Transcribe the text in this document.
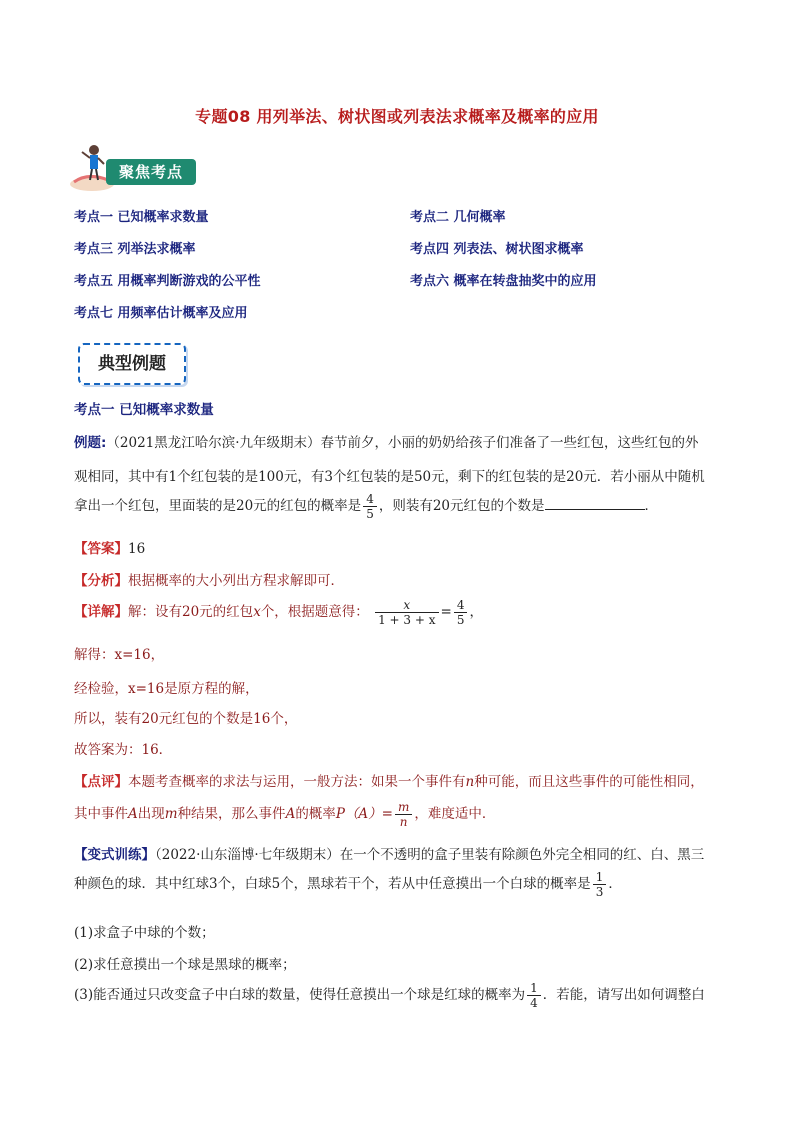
专题08 用列举法、树状图或列表法求概率及概率的应用
聚焦考点
考点一 已知概率求数量	考点二 几何概率
考点三 列举法求概率	考点四 列表法、树状图求概率
考点五 用概率判断游戏的公平性	考点六 概率在转盘抽奖中的应用
考点七 用频率估计概率及应用
典型例题
考点一 已知概率求数量
例题:（2021黑龙江哈尔滨·九年级期末）春节前夕，小丽的奶奶给孩子们准备了一些红包，这些红包的外
观相同，其中有1个红包装的是100元，有3个红包装的是50元，剩下的红包装的是20元．若小丽从中随机
拿出一个红包，里面装的是20元的红包的概率是 $\frac{4}{5}$ ，则装有20元红包的个数是	．
【答案】16
【分析】根据概率的大小列出方程求解即可．
【详解】解：设有20元的红包x个，根据题意得： $\frac{x}{1 + 3 + x} = \frac{4}{5}$ ，
解得：x=16，
经检验，x=16是原方程的解，
所以，装有20元红包的个数是16个，
故答案为：16．
【点评】本题考查概率的求法与运用，一般方法：如果一个事件有n种可能，而且这些事件的可能性相同，
其中事件A出现m种结果，那么事件A的概率$P(A)= \frac{m}{n}$ ，难度适中．
【变式训练】（2022·山东淄博·七年级期末）在一个不透明的盒子里装有除颜色外完全相同的红、白、黑三
种颜色的球．其中红球3个，白球5个，黑球若干个，若从中任意摸出一个白球的概率是 $\frac{1}{3}$ ．
(1)求盒子中球的个数；
(2)求任意摸出一个球是黑球的概率；
(3)能否通过只改变盒子中白球的数量，使得任意摸出一个球是红球的概率为 $\frac{1}{4}$ ．若能，请写出如何调整白
